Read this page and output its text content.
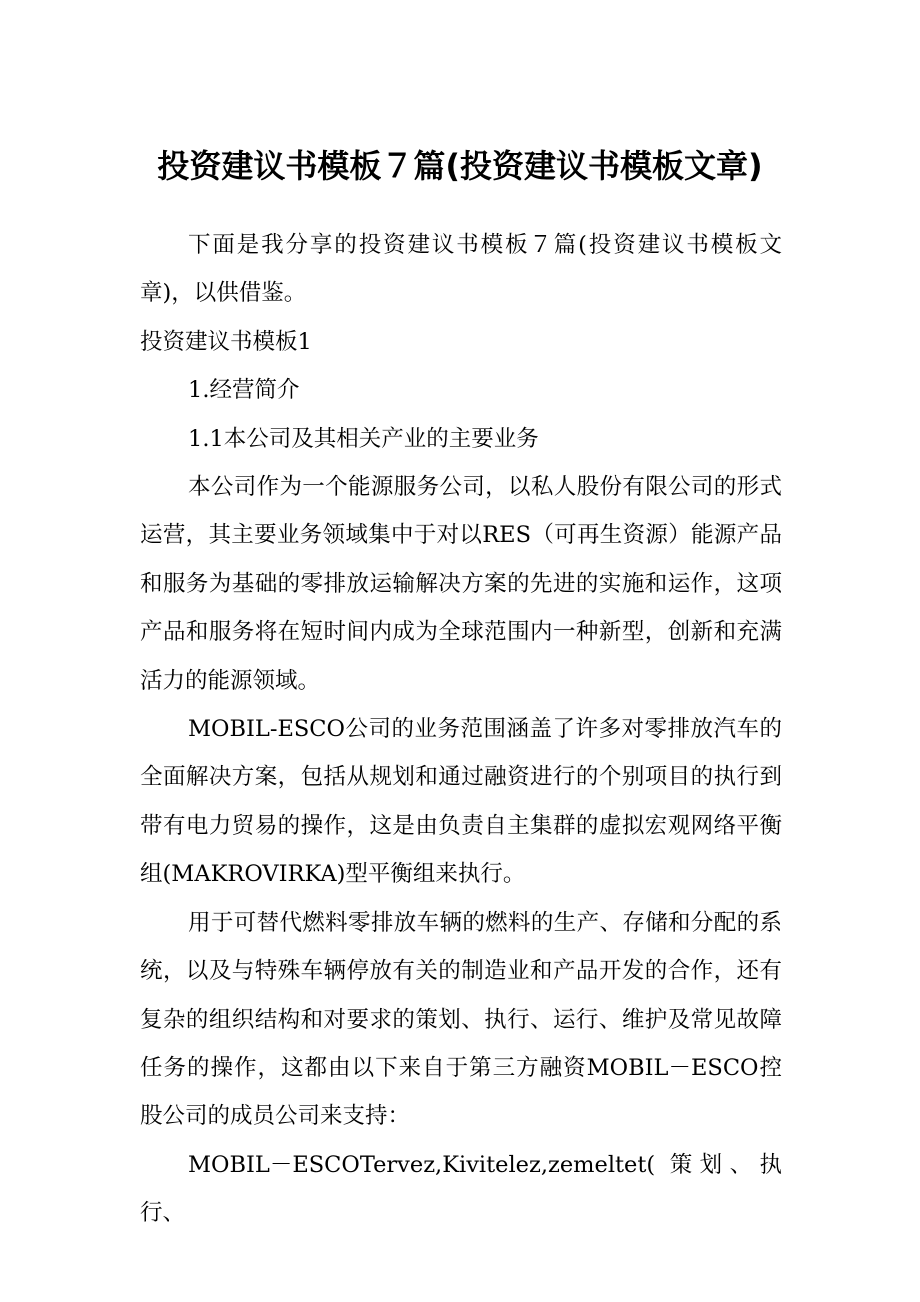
投资建议书模板７篇(投资建议书模板文章)

下面是我分享的投资建议书模板７篇(投资建议书模板文章)，以供借鉴。

投资建议书模板1

1.经营简介

1.1本公司及其相关产业的主要业务

本公司作为一个能源服务公司，以私人股份有限公司的形式运营，其主要业务领域集中于对以RES（可再生资源）能源产品和服务为基础的零排放运输解决方案的先进的实施和运作，这项产品和服务将在短时间内成为全球范围内一种新型，创新和充满活力的能源领域。

MOBIL-ESCO公司的业务范围涵盖了许多对零排放汽车的全面解决方案，包括从规划和通过融资进行的个别项目的执行到带有电力贸易的操作，这是由负责自主集群的虚拟宏观网络平衡组(MAKROVIRKA)型平衡组来执行。

用于可替代燃料零排放车辆的燃料的生产、存储和分配的系统，以及与特殊车辆停放有关的制造业和产品开发的合作，还有复杂的组织结构和对要求的策划、执行、运行、维护及常见故障任务的操作，这都由以下来自于第三方融资MOBIL－ESCO控股公司的成员公司来支持：

MOBIL－ESCOTervez,Kivitelez,zemeltet( 策划、执行、
